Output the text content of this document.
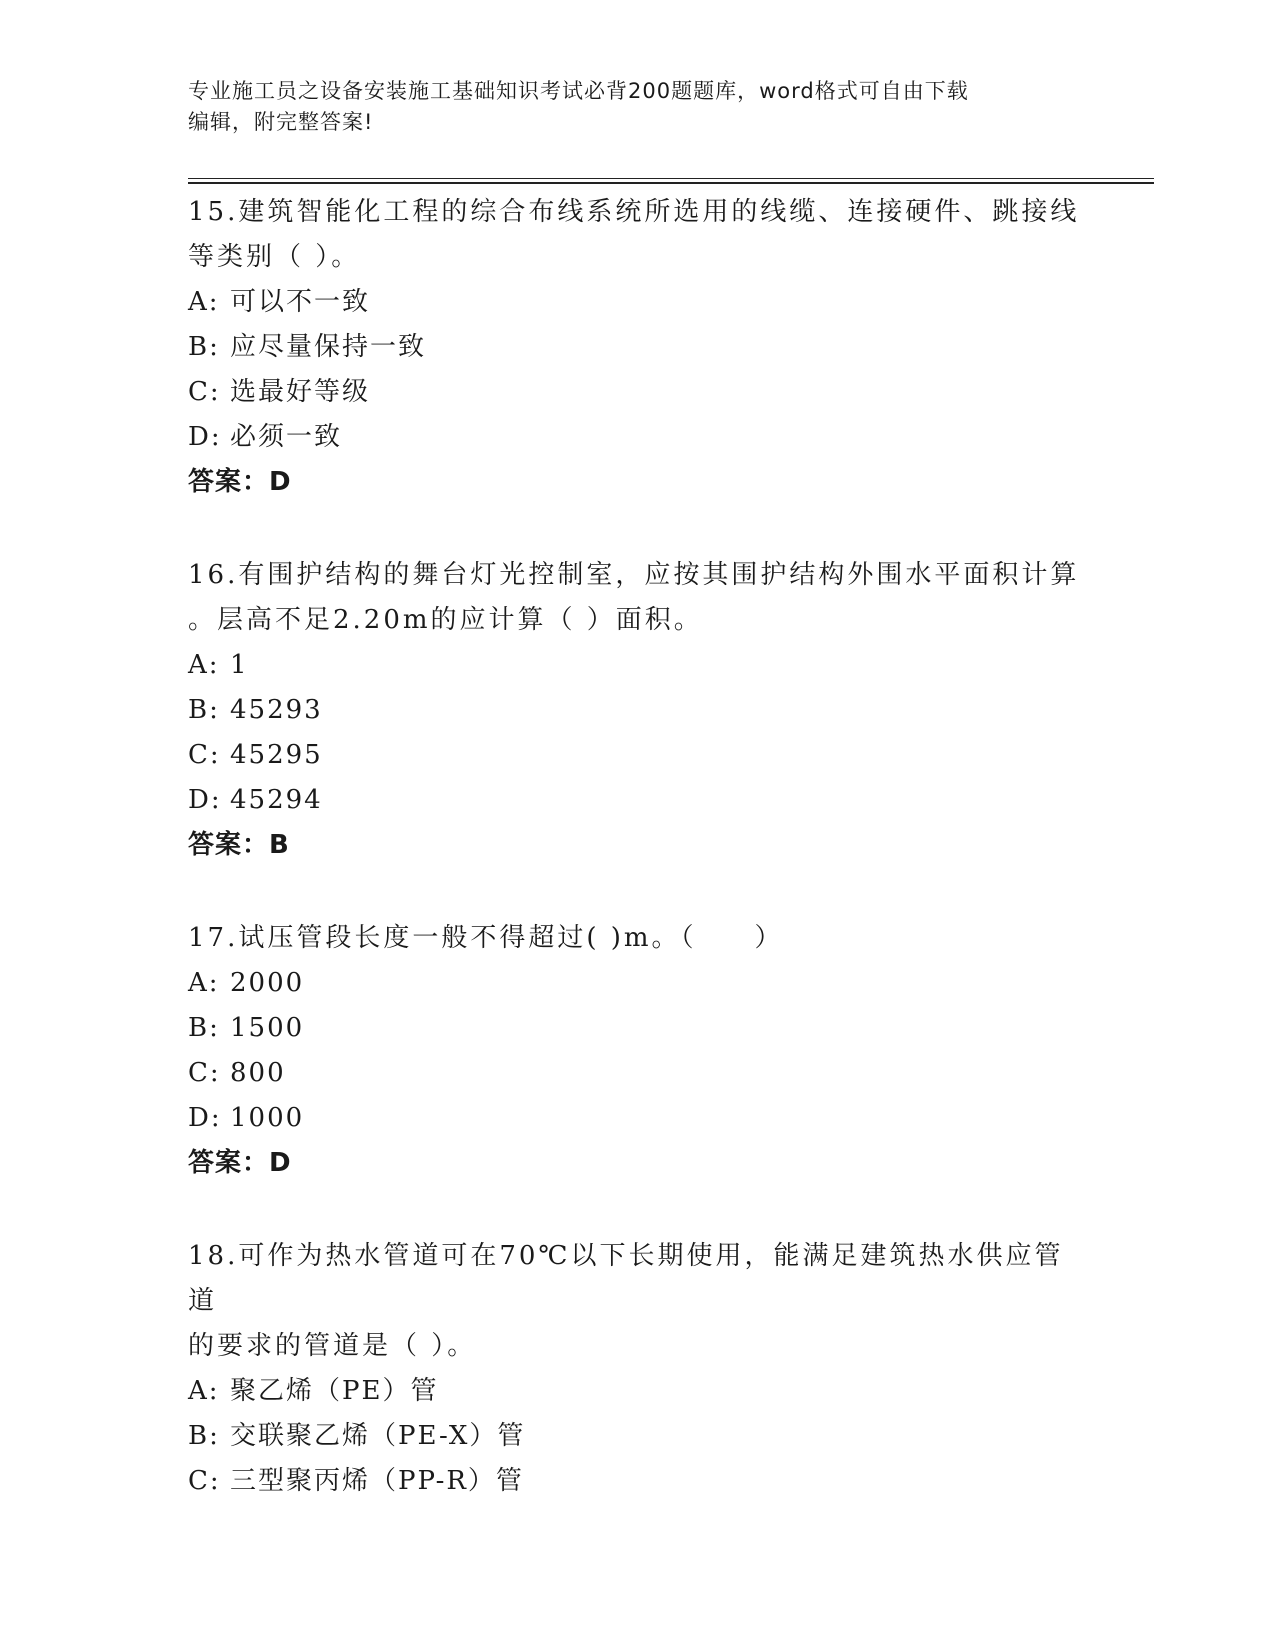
专业施工员之设备安装施工基础知识考试必背200题题库，word格式可自由下载
编辑，附完整答案!

15.建筑智能化工程的综合布线系统所选用的线缆、连接硬件、跳接线
等类别（ ）。

A: 可以不一致

B: 应尽量保持一致

C: 选最好等级

D: 必须一致

答案：D

16.有围护结构的舞台灯光控制室，应按其围护结构外围水平面积计算
。层高不足2.20m的应计算（ ）面积。

A: 1

B: 45293

C: 45295

D: 45294

答案：B

17.试压管段长度一般不得超过( )m。（　　）

A: 2000

B: 1500

C: 800

D: 1000

答案：D

18.可作为热水管道可在70℃以下长期使用，能满足建筑热水供应管道
的要求的管道是（ ）。

A: 聚乙烯（PE）管

B: 交联聚乙烯（PE-X）管

C: 三型聚丙烯（PP-R）管
